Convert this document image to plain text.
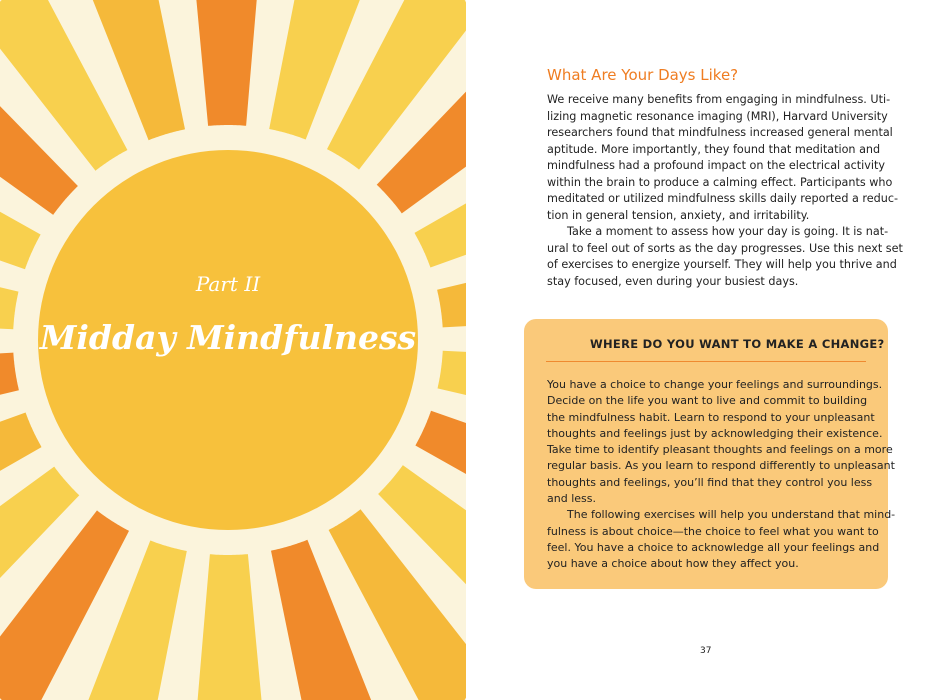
Part II
Midday Mindfulness
What Are Your Days Like?
We receive many benefits from engaging in mindfulness. Uti-
lizing magnetic resonance imaging (MRI), Harvard University
researchers found that mindfulness increased general mental
aptitude. More importantly, they found that meditation and
mindfulness had a profound impact on the electrical activity
within the brain to produce a calming effect. Participants who
meditated or utilized mindfulness skills daily reported a reduc-
tion in general tension, anxiety, and irritability.
Take a moment to assess how your day is going. It is nat-
ural to feel out of sorts as the day progresses. Use this next set
of exercises to energize yourself. They will help you thrive and
stay focused, even during your busiest days.
WHERE DO YOU WANT TO MAKE A CHANGE?
You have a choice to change your feelings and surroundings.
Decide on the life you want to live and commit to building
the mindfulness habit. Learn to respond to your unpleasant
thoughts and feelings just by acknowledging their existence.
Take time to identify pleasant thoughts and feelings on a more
regular basis. As you learn to respond differently to unpleasant
thoughts and feelings, you’ll find that they control you less
and less.
The following exercises will help you understand that mind-
fulness is about choice—the choice to feel what you want to
feel. You have a choice to acknowledge all your feelings and
you have a choice about how they affect you.
37
